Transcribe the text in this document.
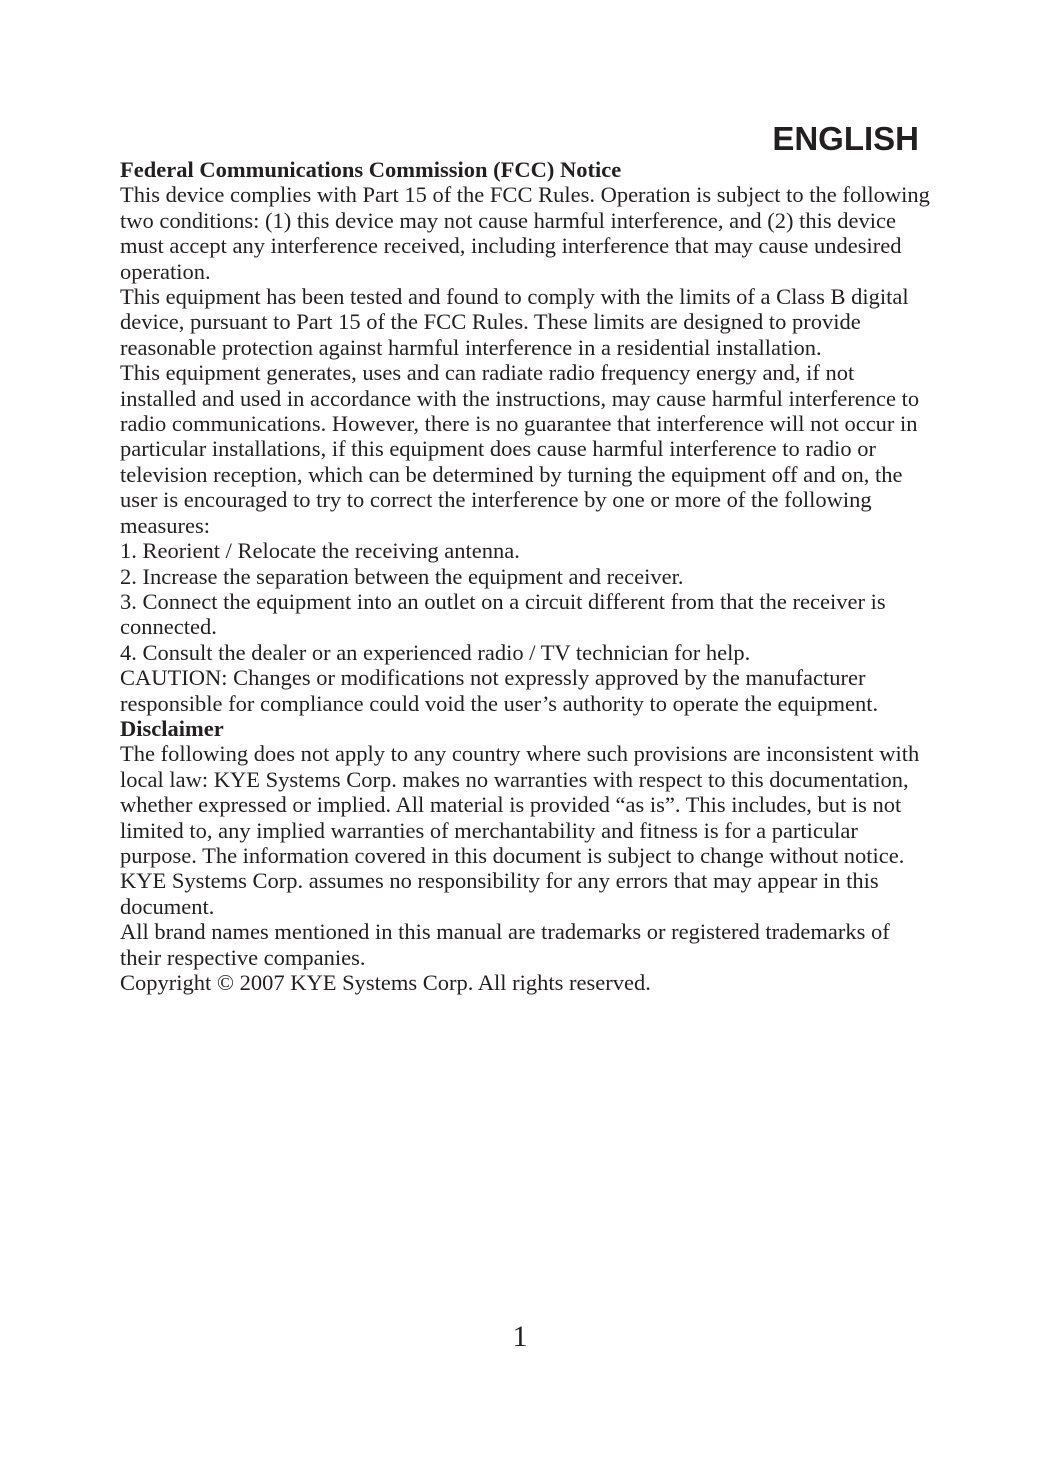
ENGLISH

Federal Communications Commission (FCC) Notice

This device complies with Part 15 of the FCC Rules. Operation is subject to the following two conditions: (1) this device may not cause harmful interference, and (2) this device must accept any interference received, including interference that may cause undesired operation.

This equipment has been tested and found to comply with the limits of a Class B digital device, pursuant to Part 15 of the FCC Rules. These limits are designed to provide reasonable protection against harmful interference in a residential installation.

This equipment generates, uses and can radiate radio frequency energy and, if not installed and used in accordance with the instructions, may cause harmful interference to radio communications. However, there is no guarantee that interference will not occur in particular installations, if this equipment does cause harmful interference to radio or television reception, which can be determined by turning the equipment off and on, the user is encouraged to try to correct the interference by one or more of the following measures:

1. Reorient / Relocate the receiving antenna.

2. Increase the separation between the equipment and receiver.

3. Connect the equipment into an outlet on a circuit different from that the receiver is connected.

4. Consult the dealer or an experienced radio / TV technician for help.

CAUTION: Changes or modifications not expressly approved by the manufacturer responsible for compliance could void the user’s authority to operate the equipment.

Disclaimer

The following does not apply to any country where such provisions are inconsistent with local law: KYE Systems Corp. makes no warranties with respect to this documentation, whether expressed or implied. All material is provided “as is”. This includes, but is not limited to, any implied warranties of merchantability and fitness is for a particular purpose. The information covered in this document is subject to change without notice.

KYE Systems Corp. assumes no responsibility for any errors that may appear in this document.

All brand names mentioned in this manual are trademarks or registered trademarks of their respective companies.

Copyright © 2007 KYE Systems Corp. All rights reserved.

1
